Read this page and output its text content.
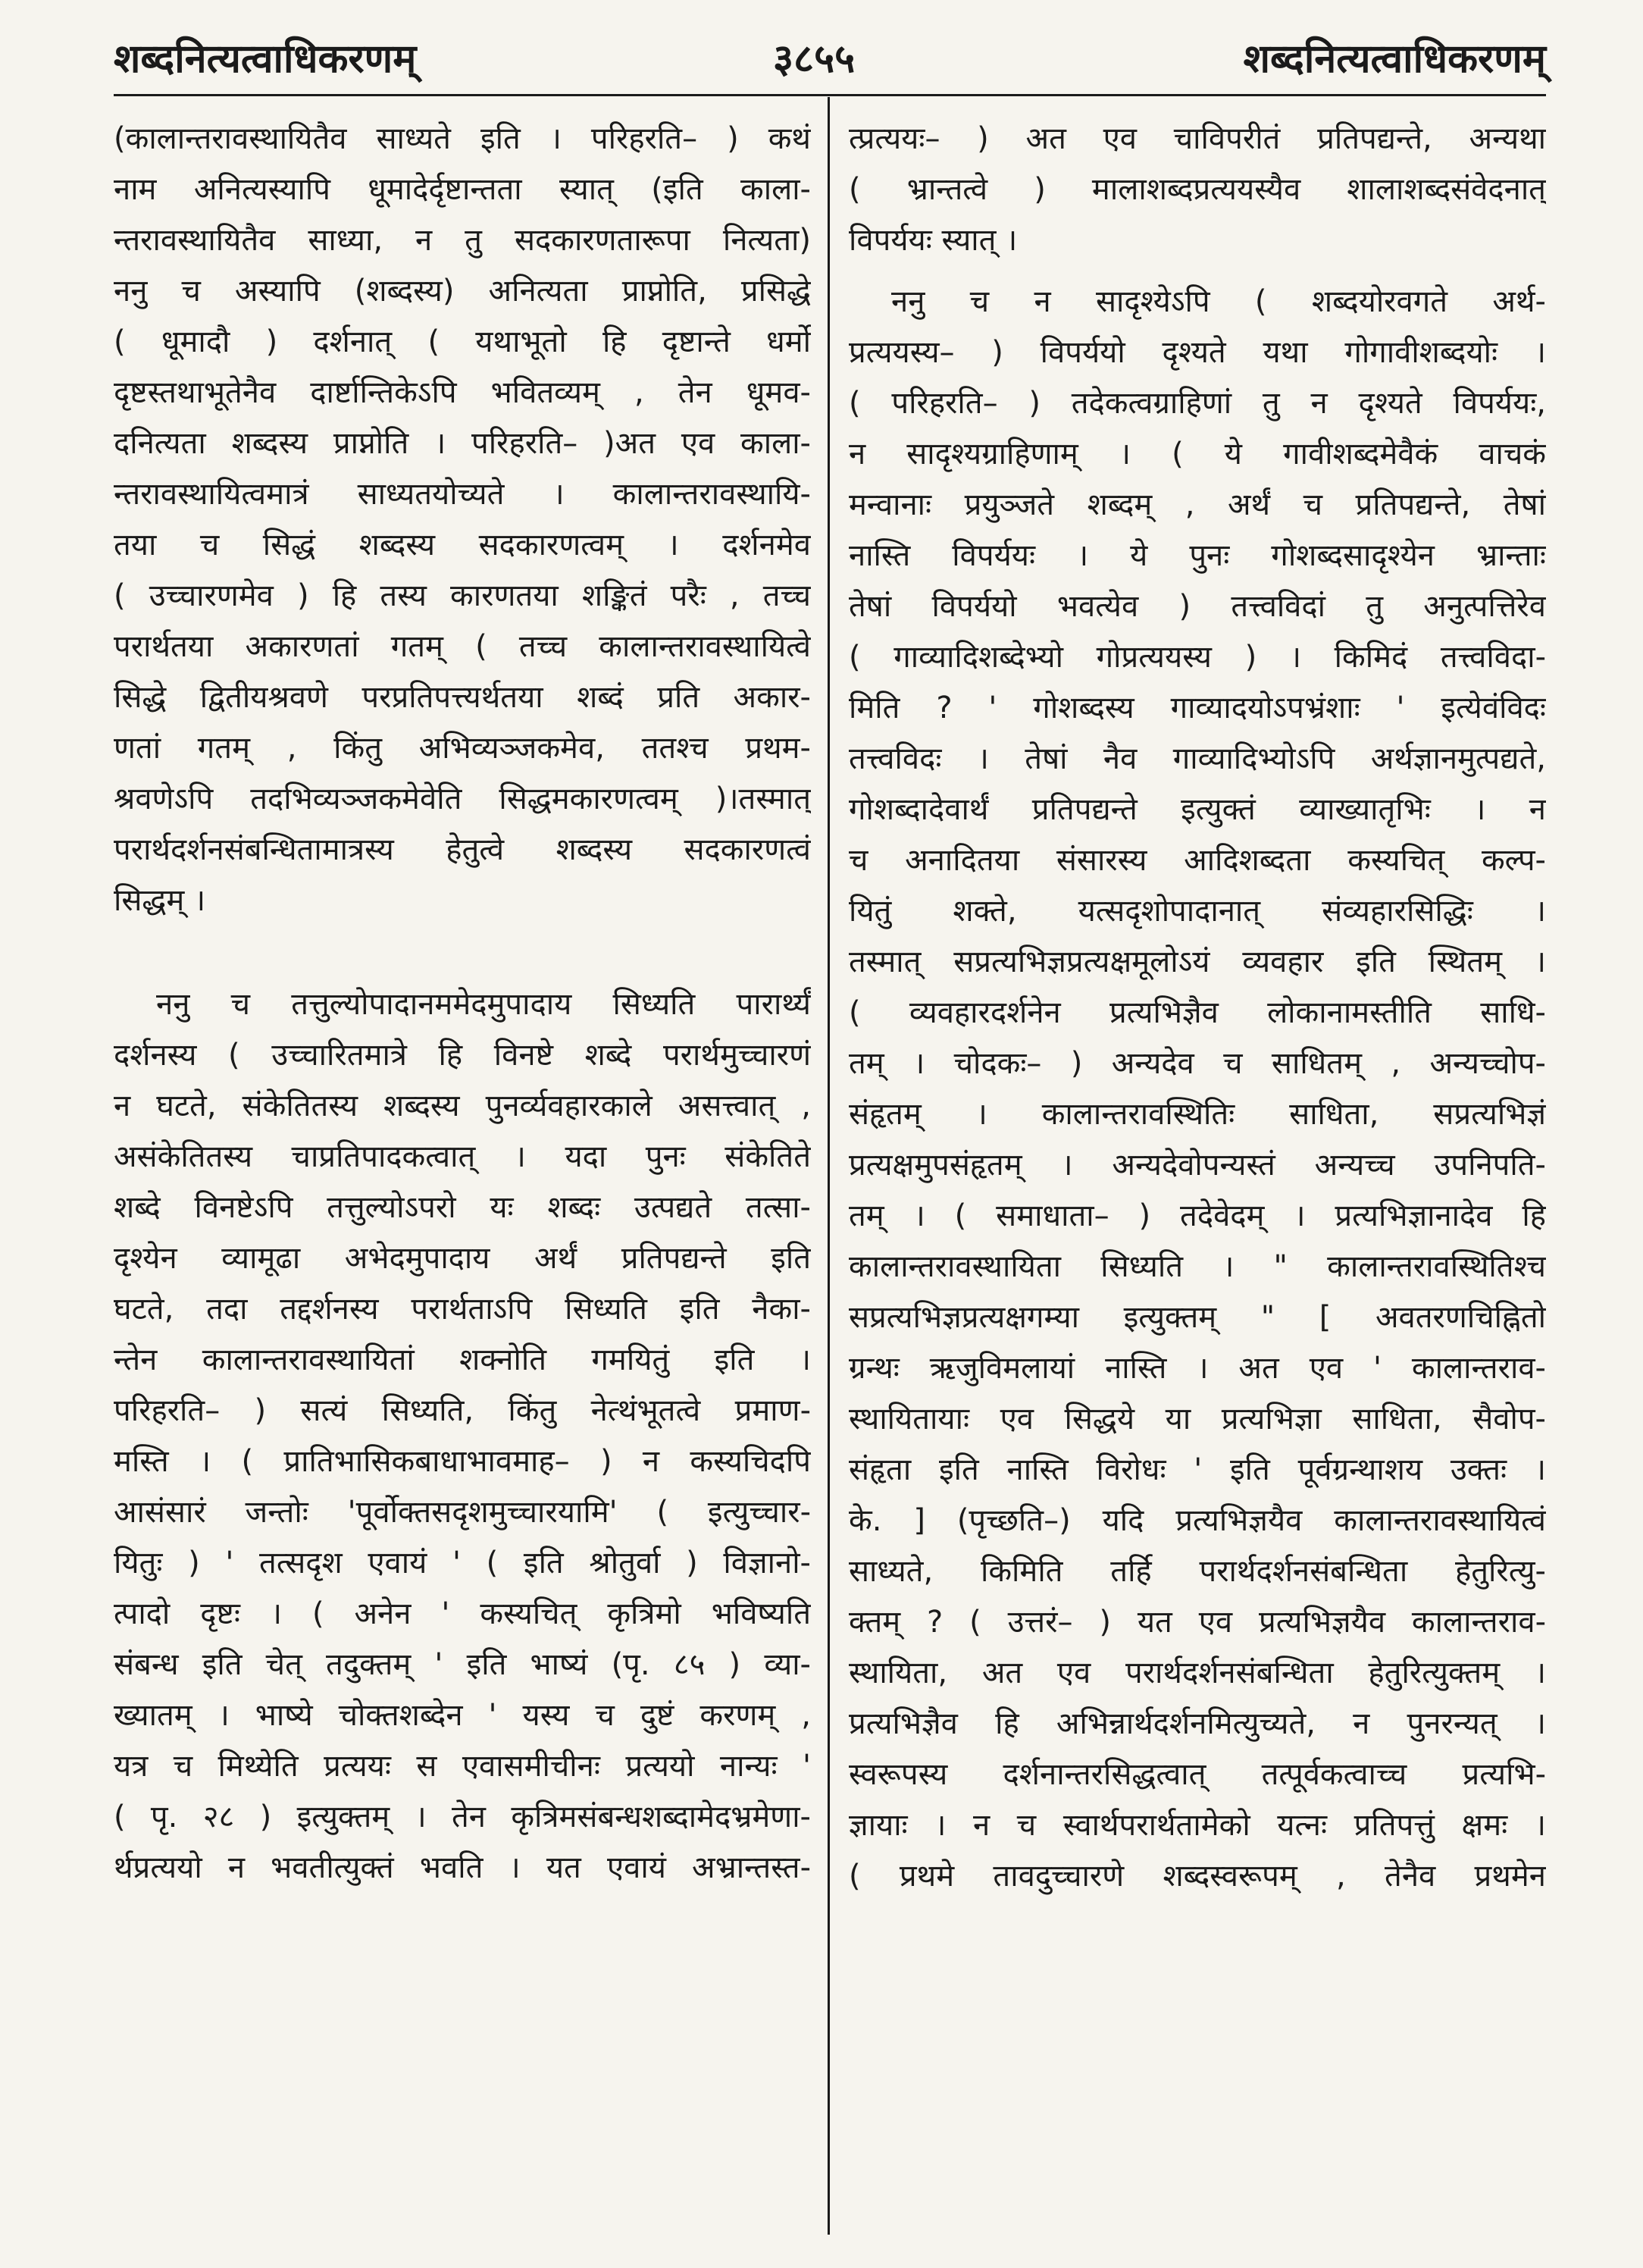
शब्दनित्यत्वाधिकरणम्	३८५५	शब्दनित्यत्वाधिकरणम्
(कालान्तरावस्थायितैव साध्यते इति । परिहरति– ) कथं
नाम अनित्यस्यापि धूमादेर्दृष्टान्तता स्यात् (इति काला-
न्तरावस्थायितैव साध्या, न तु सदकारणतारूपा नित्यता)
ननु च अस्यापि (शब्दस्य) अनित्यता प्राप्नोति, प्रसिद्धे
( धूमादौ ) दर्शनात् ( यथाभूतो हि दृष्टान्ते धर्मो
दृष्टस्तथाभूतेनैव दार्ष्टान्तिकेऽपि भवितव्यम् , तेन धूमव-
दनित्यता शब्दस्य प्राप्नोति । परिहरति– )अत एव काला-
न्तरावस्थायित्वमात्रं साध्यतयोच्यते । कालान्तरावस्थायि-
तया च सिद्धं शब्दस्य सदकारणत्वम् । दर्शनमेव
( उच्चारणमेव ) हि तस्य कारणतया शङ्कितं परैः , तच्च
परार्थतया अकारणतां गतम् ( तच्च कालान्तरावस्थायित्वे
सिद्धे द्वितीयश्रवणे परप्रतिपत्त्यर्थतया शब्दं प्रति अकार-
णतां गतम् , किंतु अभिव्यञ्जकमेव, ततश्च प्रथम-
श्रवणेऽपि तदभिव्यञ्जकमेवेति सिद्धमकारणत्वम् )।तस्मात्
परार्थदर्शनसंबन्धितामात्रस्य हेतुत्वे शब्दस्य सदकारणत्वं
सिद्धम् ।
ननु च तत्तुल्योपादानममेदमुपादाय सिध्यति पारार्थ्यं
दर्शनस्य ( उच्चारितमात्रे हि विनष्टे शब्दे परार्थमुच्चारणं
न घटते, संकेतितस्य शब्दस्य पुनर्व्यवहारकाले असत्त्वात् ,
असंकेतितस्य चाप्रतिपादकत्वात् । यदा पुनः संकेतिते
शब्दे विनष्टेऽपि तत्तुल्योऽपरो यः शब्दः उत्पद्यते तत्सा-
दृश्येन व्यामूढा अभेदमुपादाय अर्थं प्रतिपद्यन्ते इति
घटते, तदा तद्दर्शनस्य परार्थताऽपि सिध्यति इति नैका-
न्तेन कालान्तरावस्थायितां शक्नोति गमयितुं इति ।
परिहरति– ) सत्यं सिध्यति, किंतु नेत्थंभूतत्वे प्रमाण-
मस्ति । ( प्रातिभासिकबाधाभावमाह– ) न कस्यचिदपि
आसंसारं जन्तोः 'पूर्वोक्तसदृशमुच्चारयामि' ( इत्युच्चार-
यितुः ) ' तत्सदृश एवायं ' ( इति श्रोतुर्वा ) विज्ञानो-
त्पादो दृष्टः । ( अनेन ' कस्यचित् कृत्रिमो भविष्यति
संबन्ध इति चेत् तदुक्तम् ' इति भाष्यं (पृ. ८५ ) व्या-
ख्यातम् । भाष्ये चोक्तशब्देन ' यस्य च दुष्टं करणम् ,
यत्र च मिथ्येति प्रत्ययः स एवासमीचीनः प्रत्ययो नान्यः '
( पृ. २८ ) इत्युक्तम् । तेन कृत्रिमसंबन्धशब्दामेदभ्रमेणा-
र्थप्रत्ययो न भवतीत्युक्तं भवति । यत एवायं अभ्रान्तस्त-
त्प्रत्ययः– ) अत एव चाविपरीतं प्रतिपद्यन्ते, अन्यथा
( भ्रान्तत्वे ) मालाशब्दप्रत्ययस्यैव शालाशब्दसंवेदनात्
विपर्ययः स्यात् ।
ननु च न सादृश्येऽपि ( शब्दयोरवगते अर्थ-
प्रत्ययस्य– ) विपर्ययो दृश्यते यथा गोगावीशब्दयोः ।
( परिहरति– ) तदेकत्वग्राहिणां तु न दृश्यते विपर्ययः,
न सादृश्यग्राहिणाम् । ( ये गावीशब्दमेवैकं वाचकं
मन्वानाः प्रयुञ्जते शब्दम् , अर्थं च प्रतिपद्यन्ते, तेषां
नास्ति विपर्ययः । ये पुनः गोशब्दसादृश्येन भ्रान्ताः
तेषां विपर्ययो भवत्येव ) तत्त्वविदां तु अनुत्पत्तिरेव
( गाव्यादिशब्देभ्यो गोप्रत्ययस्य ) । किमिदं तत्त्वविदा-
मिति ? ' गोशब्दस्य गाव्यादयोऽपभ्रंशाः ' इत्येवंविदः
तत्त्वविदः । तेषां नैव गाव्यादिभ्योऽपि अर्थज्ञानमुत्पद्यते,
गोशब्दादेवार्थं प्रतिपद्यन्ते इत्युक्तं व्याख्यातृभिः । न
च अनादितया संसारस्य आदिशब्दता कस्यचित् कल्प-
यितुं शक्ते, यत्सदृशोपादानात् संव्यहारसिद्धिः ।
तस्मात् सप्रत्यभिज्ञप्रत्यक्षमूलोऽयं व्यवहार इति स्थितम् ।
( व्यवहारदर्शनेन प्रत्यभिज्ञैव लोकानामस्तीति साधि-
तम् । चोदकः– ) अन्यदेव च साधितम् , अन्यच्चोप-
संहृतम् । कालान्तरावस्थितिः साधिता, सप्रत्यभिज्ञं
प्रत्यक्षमुपसंहृतम् । अन्यदेवोपन्यस्तं अन्यच्च उपनिपति-
तम् । ( समाधाता– ) तदेवेदम् । प्रत्यभिज्ञानादेव हि
कालान्तरावस्थायिता सिध्यति । " कालान्तरावस्थितिश्च
सप्रत्यभिज्ञप्रत्यक्षगम्या इत्युक्तम् " [ अवतरणचिह्नितो
ग्रन्थः ऋजुविमलायां नास्ति । अत एव ' कालान्तराव-
स्थायितायाः एव सिद्धये या प्रत्यभिज्ञा साधिता, सैवोप-
संहृता इति नास्ति विरोधः ' इति पूर्वग्रन्थाशय उक्तः ।
के. ] (पृच्छति–) यदि प्रत्यभिज्ञयैव कालान्तरावस्थायित्वं
साध्यते, किमिति तर्हि परार्थदर्शनसंबन्धिता हेतुरित्यु-
क्तम् ? ( उत्तरं– ) यत एव प्रत्यभिज्ञयैव कालान्तराव-
स्थायिता, अत एव परार्थदर्शनसंबन्धिता हेतुरित्युक्तम् ।
प्रत्यभिज्ञैव हि अभिन्नार्थदर्शनमित्युच्यते, न पुनरन्यत् ।
स्वरूपस्य दर्शनान्तरसिद्धत्वात् तत्पूर्वकत्वाच्च प्रत्यभि-
ज्ञायाः । न च स्वार्थपरार्थतामेको यत्नः प्रतिपत्तुं क्षमः ।
( प्रथमे तावदुच्चारणे शब्दस्वरूपम् , तेनैव प्रथमेन
